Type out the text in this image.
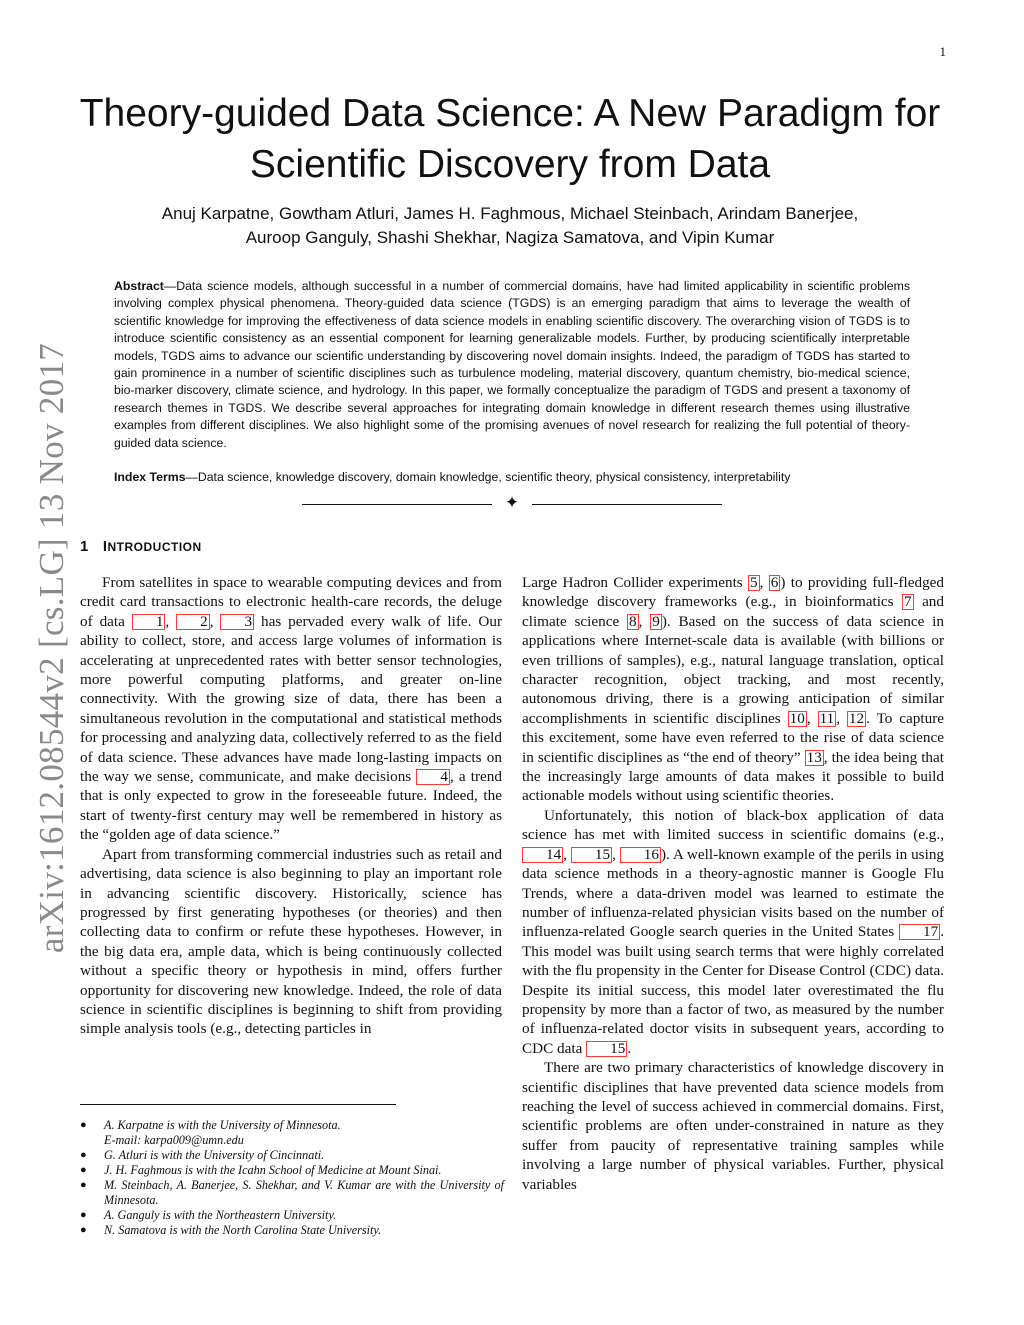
1
arXiv:1612.08544v2 [cs.LG] 13 Nov 2017
Theory-guided Data Science: A New Paradigm for Scientific Discovery from Data
Anuj Karpatne, Gowtham Atluri, James H. Faghmous, Michael Steinbach, Arindam Banerjee,
Auroop Ganguly, Shashi Shekhar, Nagiza Samatova, and Vipin Kumar
Abstract—Data science models, although successful in a number of commercial domains, have had limited applicability in scientific problems involving complex physical phenomena. Theory-guided data science (TGDS) is an emerging paradigm that aims to leverage the wealth of scientific knowledge for improving the effectiveness of data science models in enabling scientific discovery. The overarching vision of TGDS is to introduce scientific consistency as an essential component for learning generalizable models. Further, by producing scientifically interpretable models, TGDS aims to advance our scientific understanding by discovering novel domain insights. Indeed, the paradigm of TGDS has started to gain prominence in a number of scientific disciplines such as turbulence modeling, material discovery, quantum chemistry, bio-medical science, bio-marker discovery, climate science, and hydrology. In this paper, we formally conceptualize the paradigm of TGDS and present a taxonomy of research themes in TGDS. We describe several approaches for integrating domain knowledge in different research themes using illustrative examples from different disciplines. We also highlight some of the promising avenues of novel research for realizing the full potential of theory-guided data science.
Index Terms—Data science, knowledge discovery, domain knowledge, scientific theory, physical consistency, interpretability
✦
1 INTRODUCTION

From satellites in space to wearable computing devices and from credit card transactions to electronic health-care records, the deluge of data 1 , 2 , 3 has pervaded every walk of life. Our ability to collect, store, and access large volumes of information is accelerating at unprecedented rates with better sensor technologies, more powerful computing platforms, and greater on-line connectivity. With the growing size of data, there has been a simultaneous revolution in the computational and statistical methods for processing and analyzing data, collectively referred to as the field of data science. These advances have made long-lasting impacts on the way we sense, communicate, and make decisions 4 , a trend that is only expected to grow in the foreseeable future. Indeed, the start of twenty-first century may well be remembered in history as the “golden age of data science.”

Apart from transforming commercial industries such as retail and advertising, data science is also beginning to play an important role in advancing scientific discovery. Historically, science has progressed by first generating hypotheses (or theories) and then collecting data to confirm or refute these hypotheses. However, in the big data era, ample data, which is being continuously collected without a specific theory or hypothesis in mind, offers further opportunity for discovering new knowledge. Indeed, the role of data science in scientific disciplines is beginning to shift from providing simple analysis tools (e.g., detecting particles in

Large Hadron Collider experiments 5 , 6 ) to providing full-fledged knowledge discovery frameworks (e.g., in bioinformatics 7 and climate science 8 , 9 ). Based on the success of data science in applications where Internet-scale data is available (with billions or even trillions of samples), e.g., natural language translation, optical character recognition, object tracking, and most recently, autonomous driving, there is a growing anticipation of similar accomplishments in scientific disciplines 10 , 11 , 12 . To capture this excitement, some have even referred to the rise of data science in scientific disciplines as “the end of theory” 13 , the idea being that the increasingly large amounts of data makes it possible to build actionable models without using scientific theories.

Unfortunately, this notion of black-box application of data science has met with limited success in scientific domains (e.g., 14 , 15 , 16 ). A well-known example of the perils in using data science methods in a theory-agnostic manner is Google Flu Trends, where a data-driven model was learned to estimate the number of influenza-related physician visits based on the number of influenza-related Google search queries in the United States 17 . This model was built using search terms that were highly correlated with the flu propensity in the Center for Disease Control (CDC) data. Despite its initial success, this model later overestimated the flu propensity by more than a factor of two, as measured by the number of influenza-related doctor visits in subsequent years, according to CDC data 15 .

There are two primary characteristics of knowledge discovery in scientific disciplines that have prevented data science models from reaching the level of success achieved in commercial domains. First, scientific problems are often under-constrained in nature as they suffer from paucity of representative training samples while involving a large number of physical variables. Further, physical variables

● A. Karpatne is with the University of Minnesota.
E-mail: karpa009@umn.edu
● G. Atluri is with the University of Cincinnati.
● J. H. Faghmous is with the Icahn School of Medicine at Mount Sinai.
● M. Steinbach, A. Banerjee, S. Shekhar, and V. Kumar are with the University of Minnesota.
● A. Ganguly is with the Northeastern University.
● N. Samatova is with the North Carolina State University.
